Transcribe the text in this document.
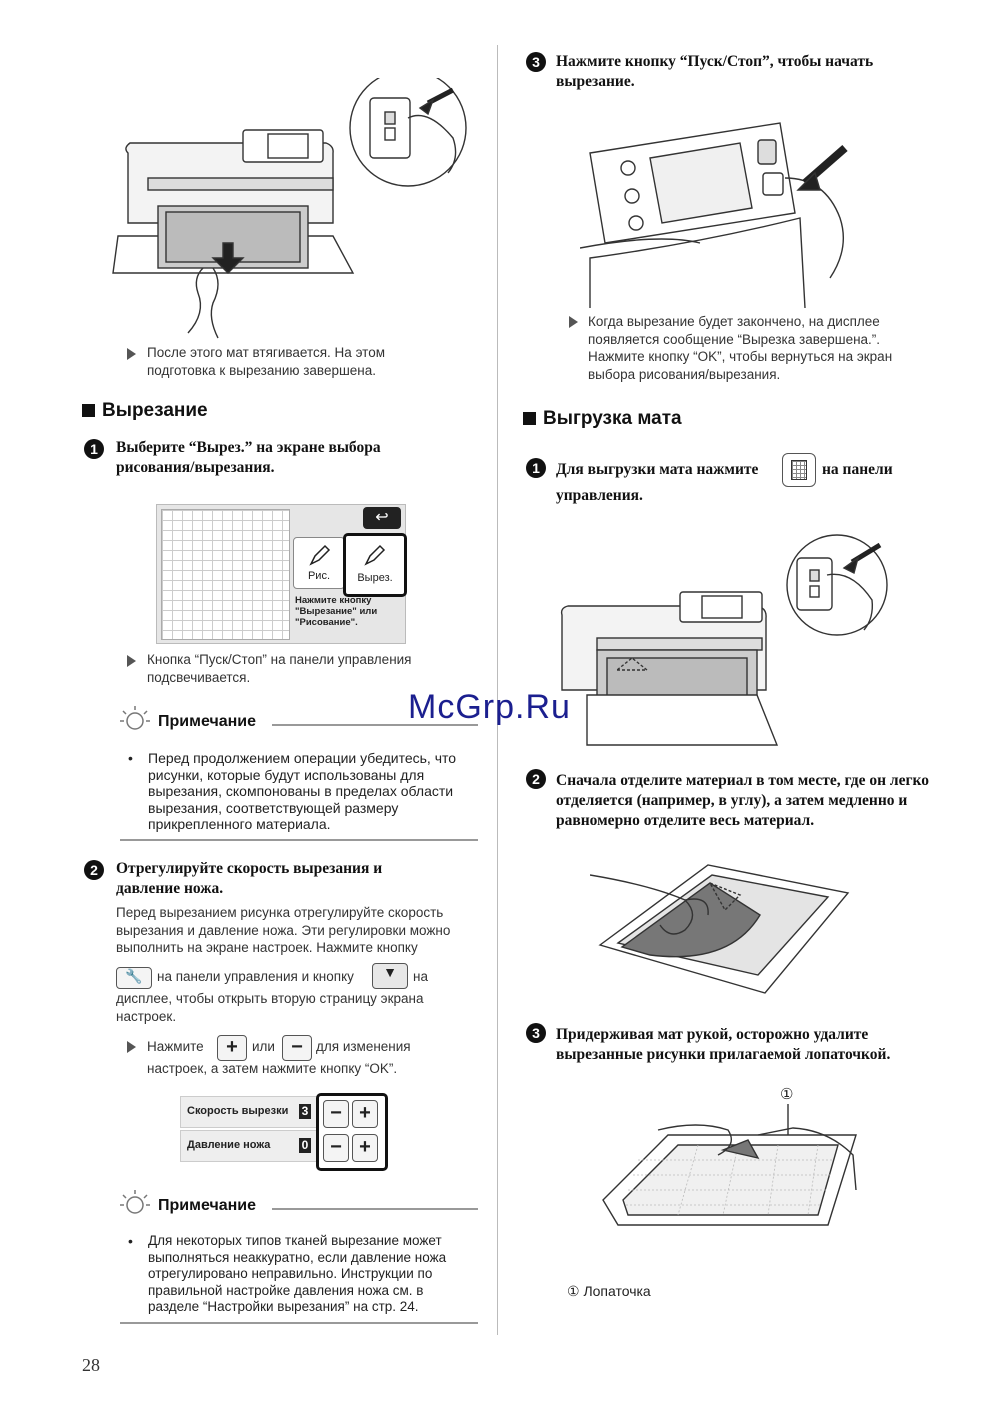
После этого мат втягивается. На этом подготовка к вырезанию завершена.
Вырезание
1	Выберите “Вырез.” на экране выбора рисования/вырезания.
↩
Рис.	Вырез.
Нажмите кнопку "Вырезание" или "Рисование".
Кнопка “Пуск/Стоп” на панели управления подсвечивается.
Примечание
• Перед продолжением операции убедитесь, что рисунки, которые будут использованы для вырезания, скомпонованы в пределах области вырезания, соответствующей размеру прикрепленного материала.
2	Отрегулируйте скорость вырезания и давление ножа.
Перед вырезанием рисунка отрегулируйте скорость вырезания и давление ножа. Эти регулировки можно выполнить на экране настроек. Нажмите кнопку
🔧	на панели управления и кнопку	▼	на
дисплее, чтобы открыть вторую страницу экрана настроек.
Нажмите	+	или − для изменения
настроек, а затем нажмите кнопку “OK”.
Скорость вырезки 3
Давление ножа	0
− +
− +
Примечание
• Для некоторых типов тканей вырезание может выполняться неаккуратно, если давление ножа отрегулировано неправильно. Инструкции по правильной настройке давления ножа см. в разделе “Настройки вырезания” на стр. 24.
28
3	Нажмите кнопку “Пуск/Стоп”, чтобы начать вырезание.
Когда вырезание будет закончено, на дисплее появляется сообщение “Вырезка завершена.”. Нажмите кнопку “OK”, чтобы вернуться на экран выбора рисования/вырезания.
Выгрузка мата
1	Для выгрузки мата нажмите	на панели
управления.
McGrp.Ru
2	Сначала отделите материал в том месте, где он легко отделяется (например, в углу), а затем медленно и равномерно отделите весь материал.
3	Придерживая мат рукой, осторожно удалите вырезанные рисунки прилагаемой лопаточкой.
①
① Лопаточка
